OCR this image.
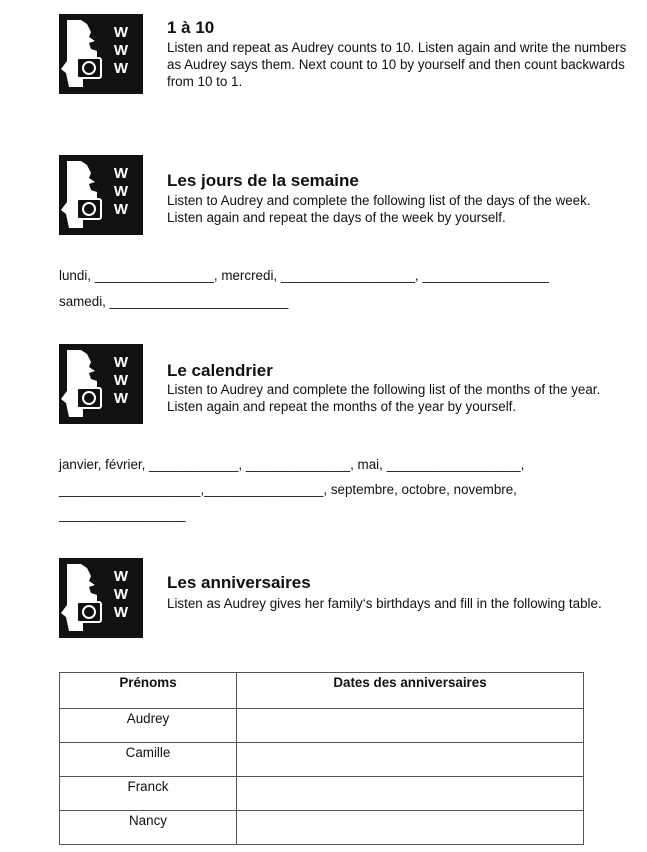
W
W
W
1 à 10
Listen and repeat as Audrey counts to 10. Listen again and write the numbers as Audrey says them. Next count to 10 by yourself and then count backwards from 10 to 1.
W
W
W
Les jours de la semaine
Listen to Audrey and complete the following list of the days of the week. Listen again and repeat the days of the week by yourself.
lundi, ________________, mercredi, __________________, _________________
samedi, ________________________
W
W
W
Le calendrier
Listen to Audrey and complete the following list of the months of the year. Listen again and repeat the months of the year by yourself.
janvier, février, ____________, ______________, mai, __________________,
___________________,________________, septembre, octobre, novembre,
_________________
W
W
W
Les anniversaires
Listen as Audrey gives her family‘s birthdays and fill in the following table.
Prénoms	Dates des anniversaires
Audrey	
Camille	
Franck	
Nancy	
